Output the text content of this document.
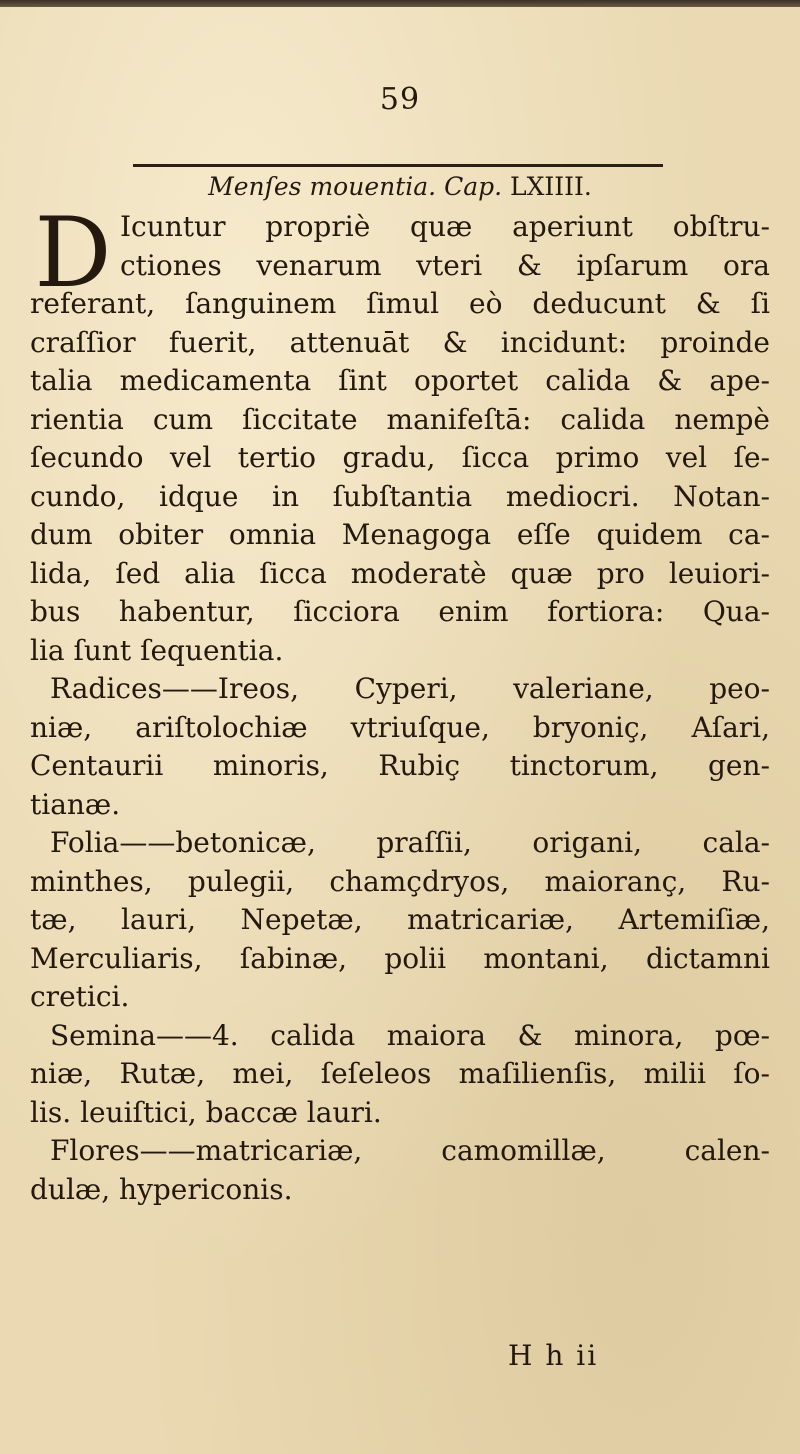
59
Menſes mouentia. Cap. LXIIII.
D Icuntur propriè quæ aperiunt obſtru-
ctiones venarum vteri & ipſarum ora
referant, ſanguinem ſimul eò deducunt & ſi
craſſior fuerit, attenuāt & incidunt: proinde
talia medicamenta ſint oportet calida & ape-
rientia cum ſiccitate manifeſtā: calida nempè
ſecundo vel tertio gradu, ſicca primo vel ſe-
cundo, idque in ſubſtantia mediocri. Notan-
dum obiter omnia Menagoga eſſe quidem ca-
lida, ſed alia ſicca moderatè quæ pro leuiori-
bus habentur, ſicciora enim fortiora: Qua-
lia ſunt ſequentia.
Radices——Ireos, Cyperi, valeriane, peo-
niæ, ariſtolochiæ vtriuſque, bryoniç, Aſari,
Centaurii minoris, Rubiç tinctorum, gen-
tianæ.
Folia——betonicæ, praſſii, origani, cala-
minthes, pulegii, chamçdryos, maioranç, Ru-
tæ, lauri, Nepetæ, matricariæ, Artemiſiæ,
Merculiaris, ſabinæ, polii montani, dictamni
cretici.
Semina——4. calida maiora & minora, pœ-
niæ, Rutæ, mei, ſeſeleos maſilienſis, milii ſo-
lis. leuiſtici, baccæ lauri.
Flores——matricariæ, camomillæ, calen-
dulæ, hypericonis.
H h ii
